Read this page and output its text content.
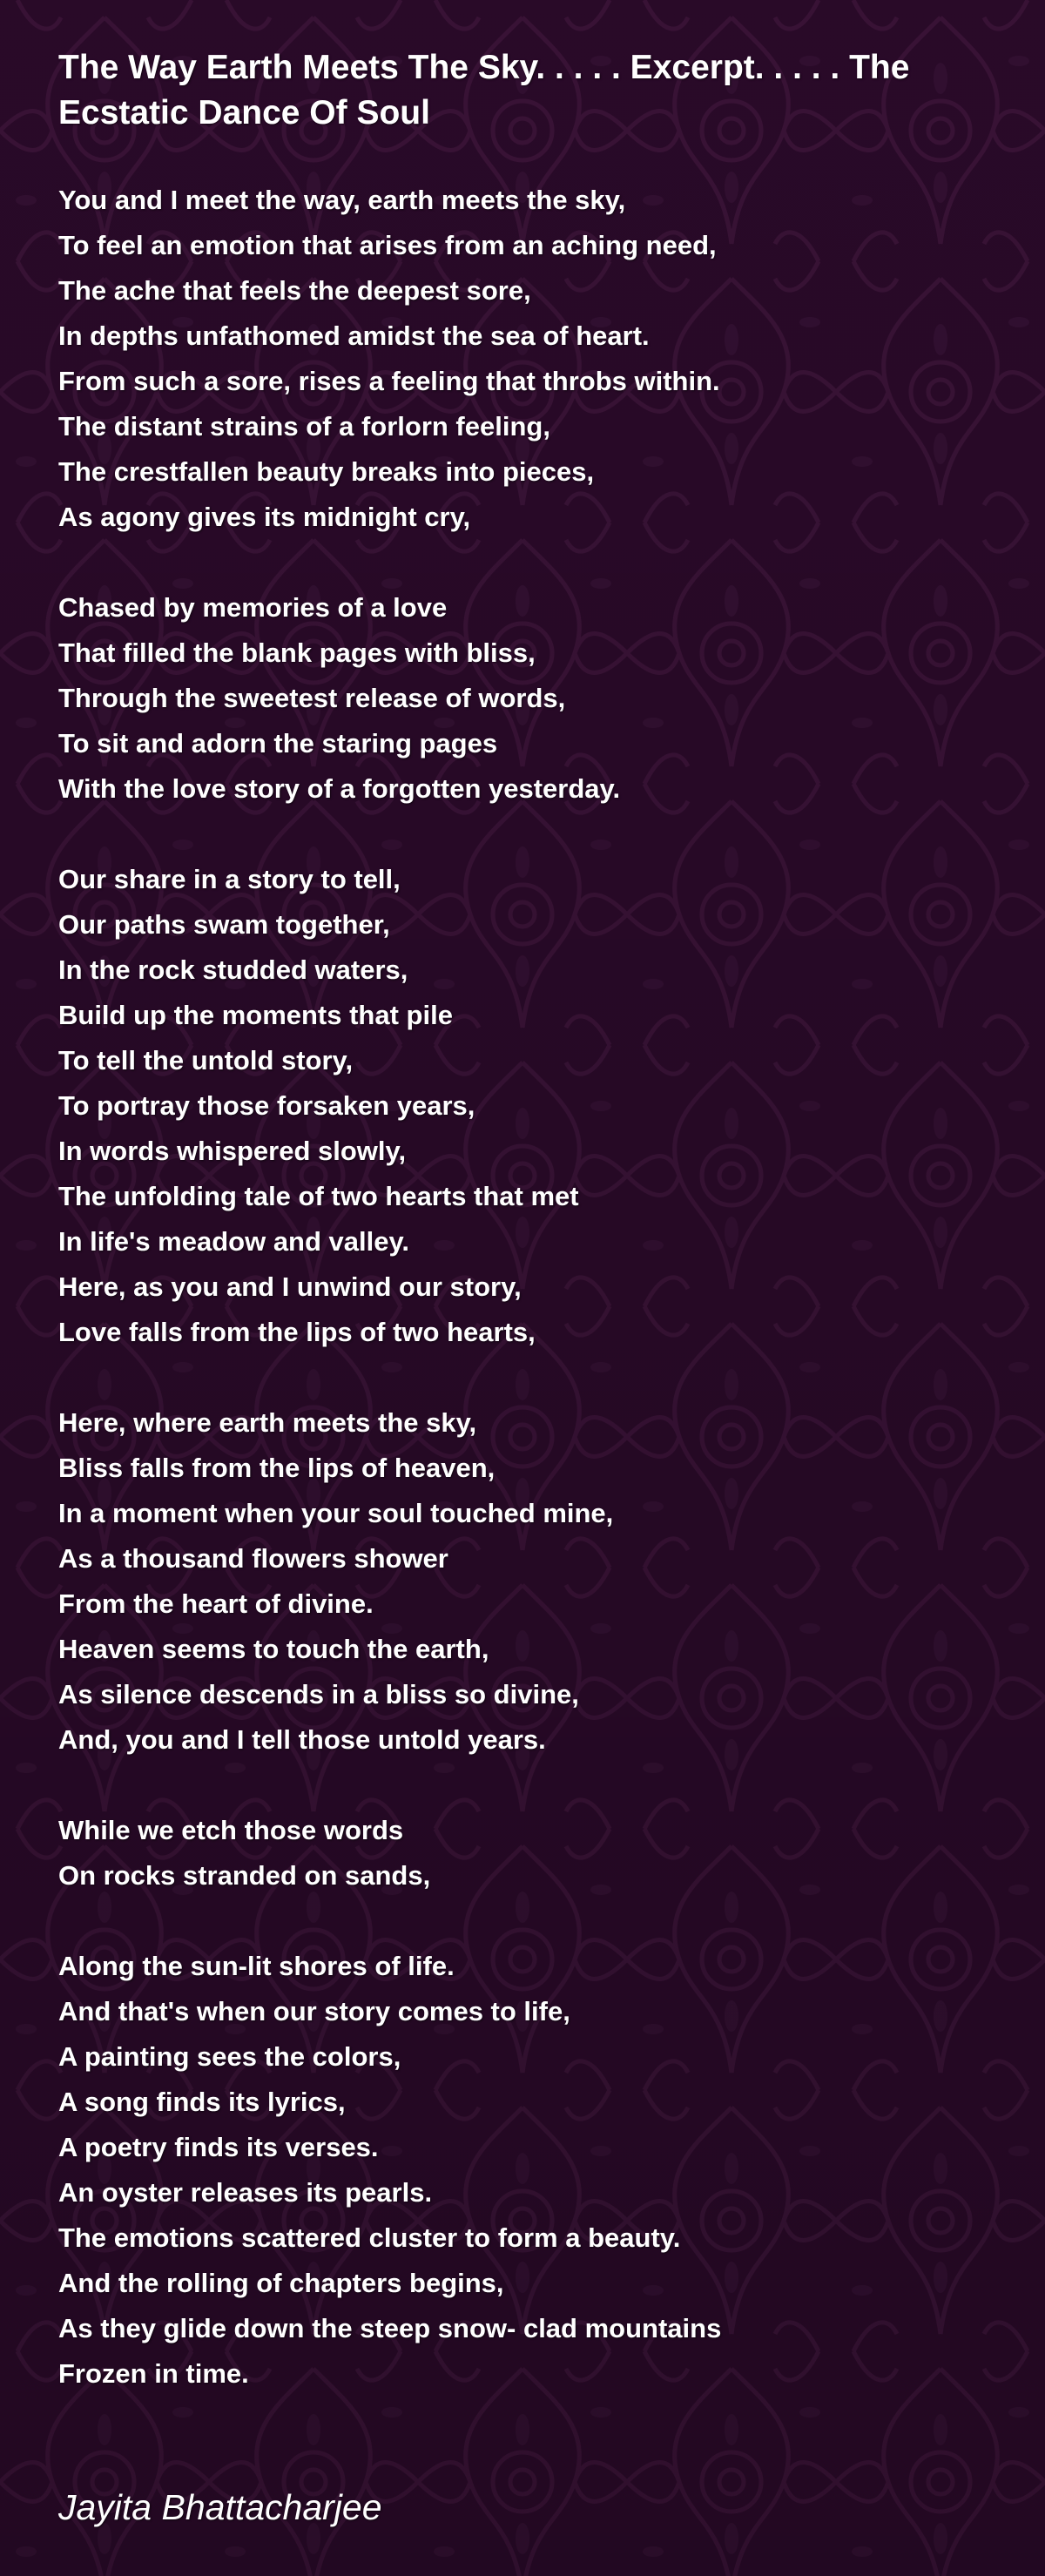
The Way Earth Meets The Sky. . . . . Excerpt. . . . . The Ecstatic Dance Of Soul
You and I meet the way, earth meets the sky,
To feel an emotion that arises from an aching need,
The ache that feels the deepest sore,
In depths unfathomed amidst the sea of heart.
From such a sore, rises a feeling that throbs within.
The distant strains of a forlorn feeling,
The crestfallen beauty breaks into pieces,
As agony gives its midnight cry,
Chased by memories of a love
That filled the blank pages with bliss,
Through the sweetest release of words,
To sit and adorn the staring pages
With the love story of a forgotten yesterday.
Our share in a story to tell,
Our paths swam together,
In the rock studded waters,
Build up the moments that pile
To tell the untold story,
To portray those forsaken years,
In words whispered slowly,
The unfolding tale of two hearts that met
In life's meadow and valley.
Here, as you and I unwind our story,
Love falls from the lips of two hearts,
Here, where earth meets the sky,
Bliss falls from the lips of heaven,
In a moment when your soul touched mine,
As a thousand flowers shower
From the heart of divine.
Heaven seems to touch the earth,
As silence descends in a bliss so divine,
And, you and I tell those untold years.
While we etch those words
On rocks stranded on sands,
Along the sun-lit shores of life.
And that's when our story comes to life,
A painting sees the colors,
A song finds its lyrics,
A poetry finds its verses.
An oyster releases its pearls.
The emotions scattered cluster to form a beauty.
And the rolling of chapters begins,
As they glide down the steep snow- clad mountains
Frozen in time.

Jayita Bhattacharjee
